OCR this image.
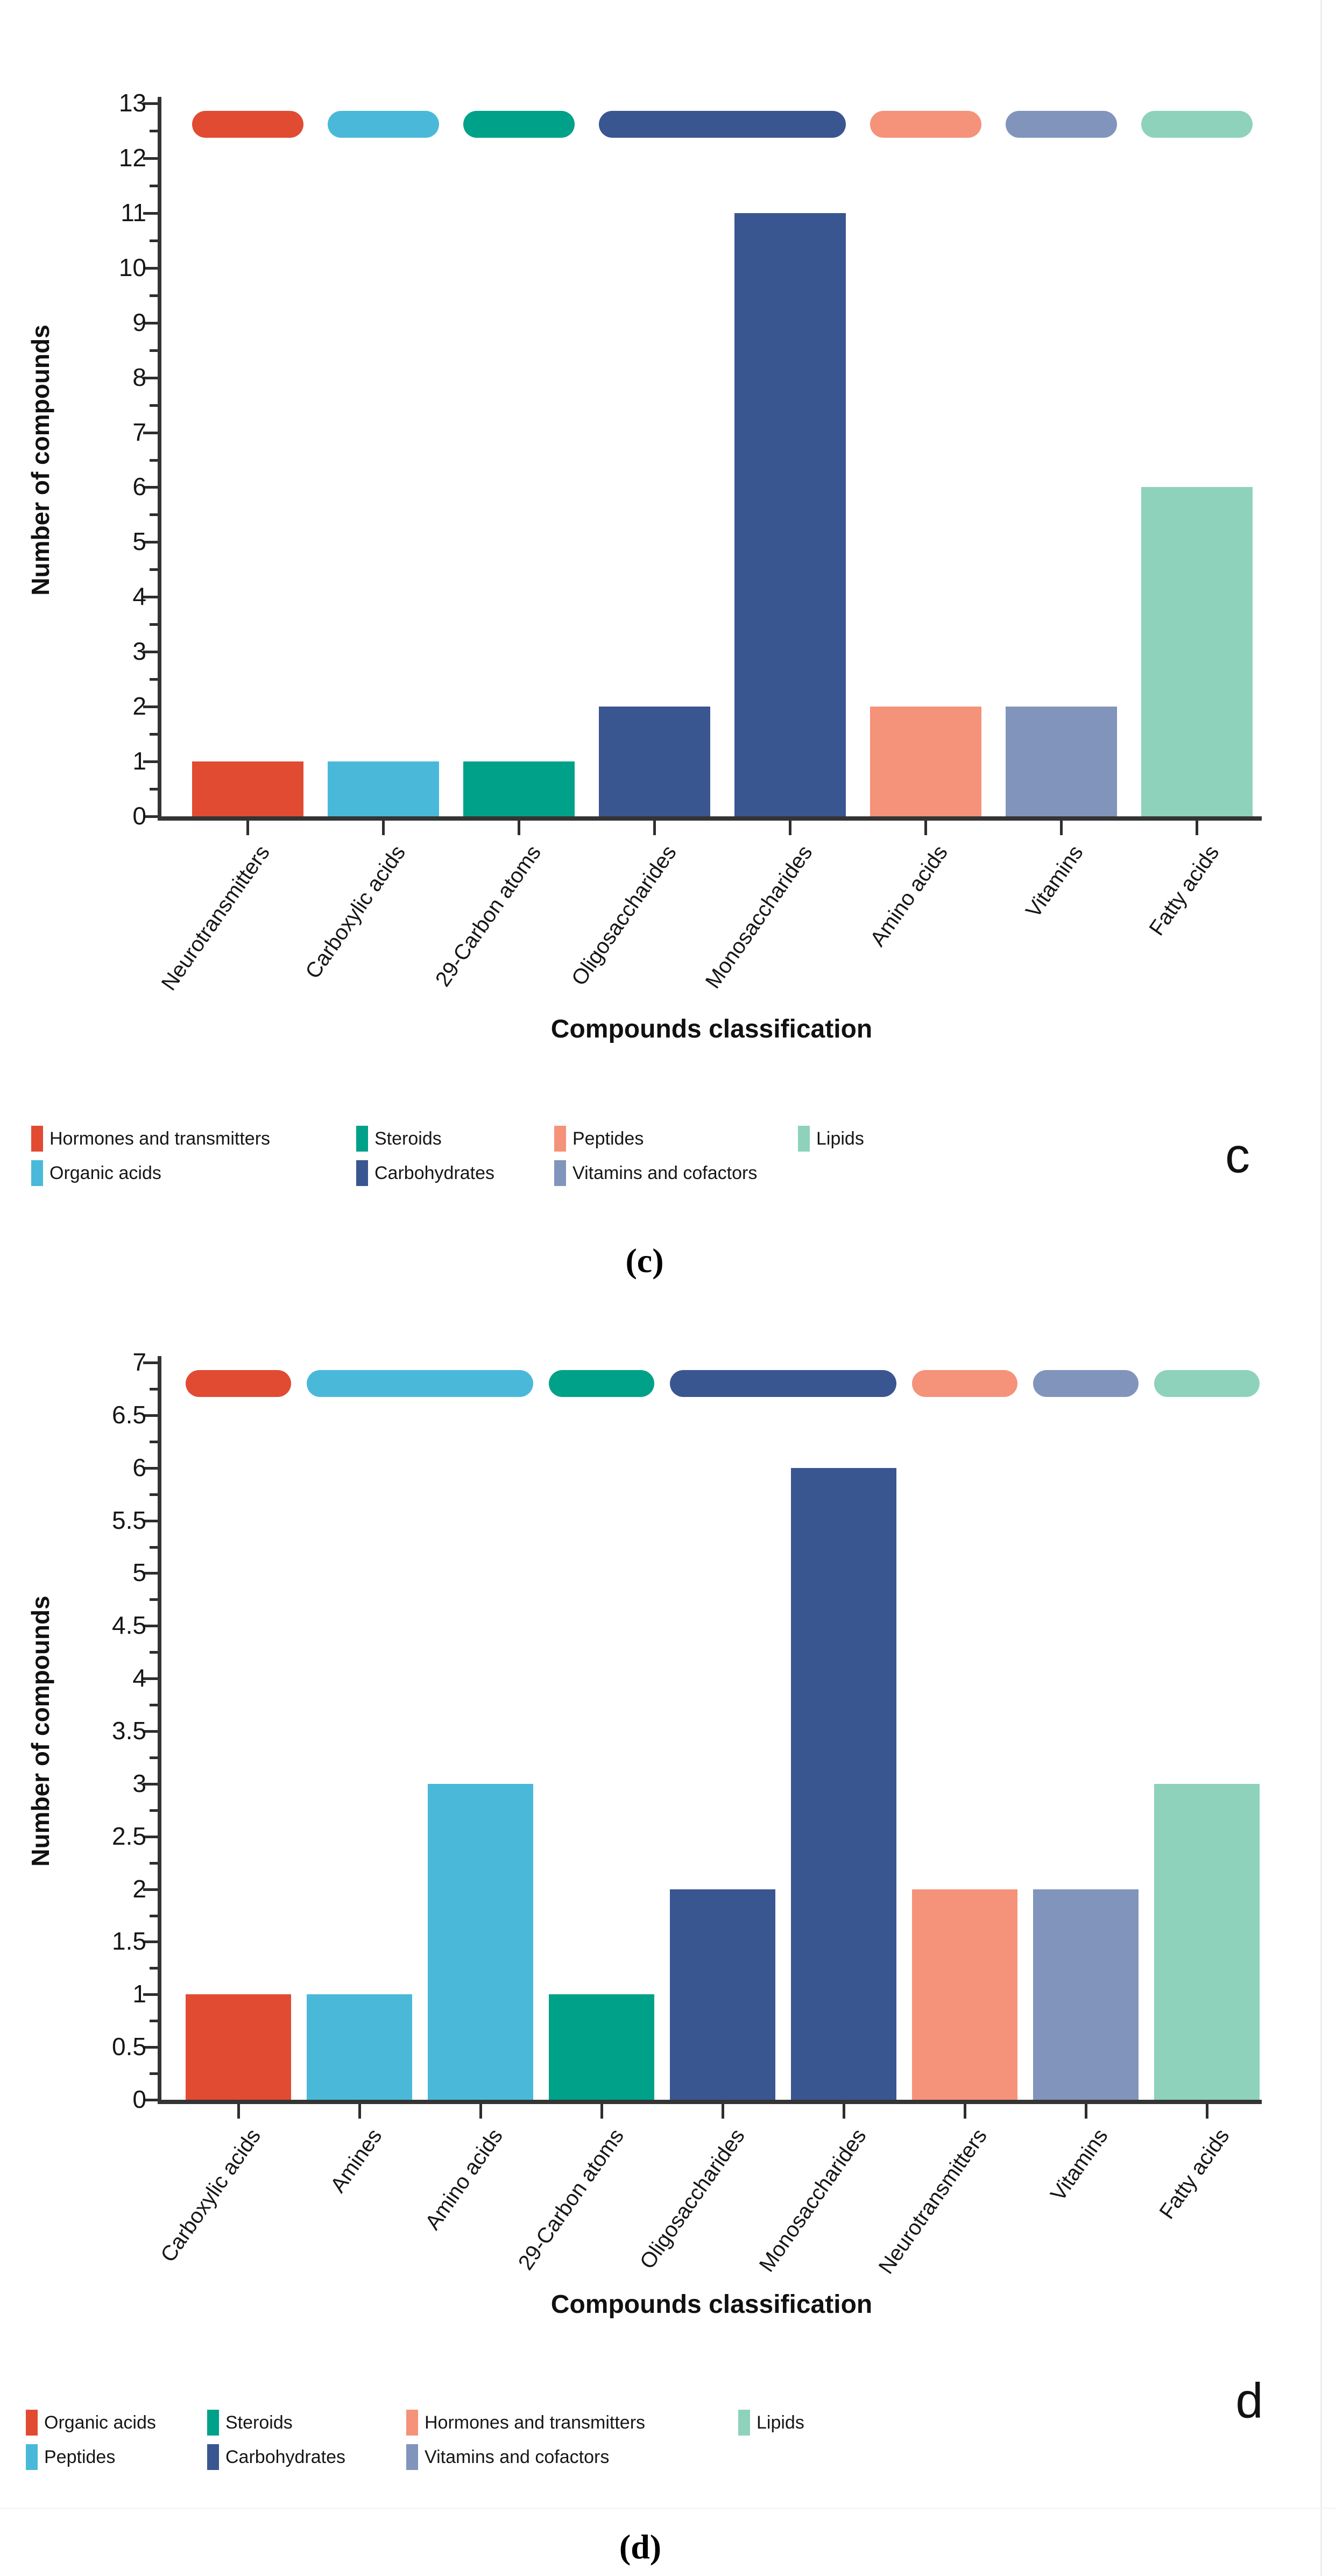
0
1
2
3
4
5
6
7
8
9
10
11
12
13
Neurotransmitters Carboxylic acids 29-Carbon atoms Oligosaccharides Monosaccharides Amino acids	Vitamins	Fatty acids
Number of compounds
Compounds classification
Hormones and transmitters
Organic acids
Steroids
Carbohydrates
Peptides
Vitamins and cofactors
Lipids	c
(c)
0
0.5
1
1.5
2
2.5
3
3.5
4
4.5
5
5.5
6
6.5
7
Carboxylic acids	Amines Amino acids 29-Carbon atoms Oligosaccharides Monosaccharides Neurotransmitters	Vitamins Fatty acids
Number of compounds
Compounds classification
Organic acids
Peptides
Steroids
Carbohydrates
Hormones and transmitters
Vitamins and cofactors
Lipids	d
(d)
